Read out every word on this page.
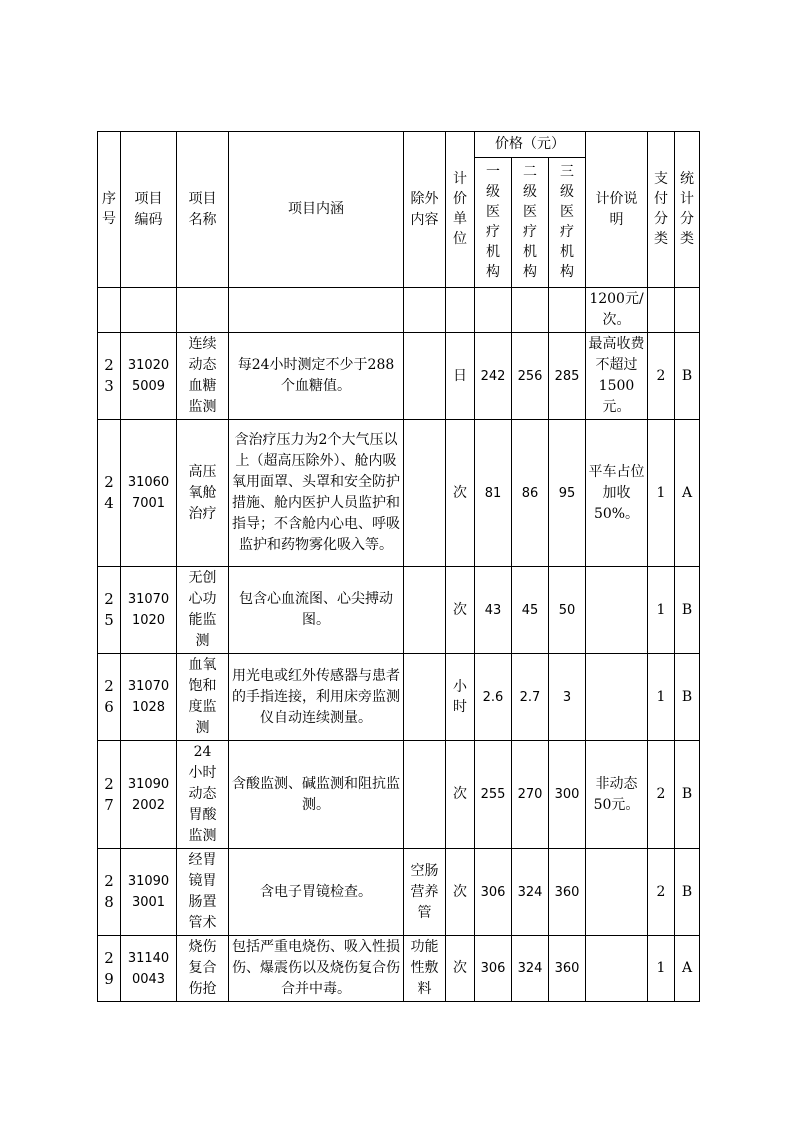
序号	项目编码	项目名称	项目内涵	除外内容	计价单位	价格（元）			计价说明	支付分类	统计分类
						一级医疗机构	二级医疗机构	三级医疗机构			
									1200元/次。		
23	310205009	连续动态血糖监测	每24小时测定不少于288个血糖值。		日	242	256	285	最高收费不超过1500元。	2	B
24	310607001	高压氧舱治疗	含治疗压力为2个大气压以上（超高压除外）、舱内吸氧用面罩、头罩和安全防护措施、舱内医护人员监护和指导；不含舱内心电、呼吸监护和药物雾化吸入等。		次	81	86	95	平车占位加收50%。	1	A
25	310701020	无创心功能监测	包含心血流图、心尖搏动图。		次	43	45	50		1	B
26	310701028	血氧饱和度监测	用光电或红外传感器与患者的手指连接，利用床旁监测仪自动连续测量。		小时	2.6	2.7	3		1	B
27	310902002	24小时动态胃酸监测	含酸监测、碱监测和阻抗监测。		次	255	270	300	非动态50元。	2	B
28	310903001	经胃镜胃肠置管术	含电子胃镜检查。	空肠营养管	次	306	324	360		2	B
29	311400043	烧伤复合伤抢	包括严重电烧伤、吸入性损伤、爆震伤以及烧伤复合伤合并中毒。	功能性敷料	次	306	324	360		1	A
